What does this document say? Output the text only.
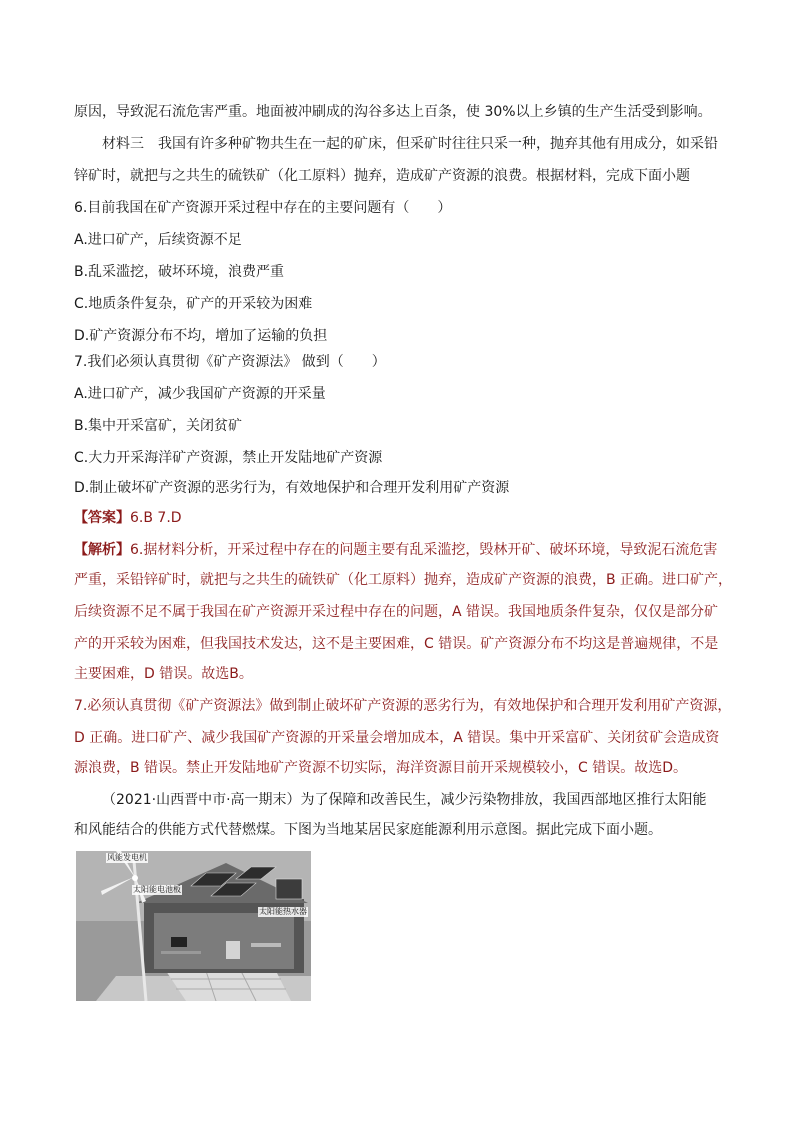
原因，导致泥石流危害严重。地面被冲刷成的沟谷多达上百条，使 30%以上乡镇的生产生活受到影响。
材料三　我国有许多种矿物共生在一起的矿床，但采矿时往往只采一种，抛弃其他有用成分，如采铅
锌矿时，就把与之共生的硫铁矿（化工原料）抛弃，造成矿产资源的浪费。根据材料，完成下面小题
6.目前我国在矿产资源开采过程中存在的主要问题有（　　）
A.进口矿产，后续资源不足
B.乱采滥挖，破坏环境，浪费严重
C.地质条件复杂，矿产的开采较为困难
D.矿产资源分布不均，增加了运输的负担
7.我们必须认真贯彻《矿产资源法》 做到（　　）
A.进口矿产，减少我国矿产资源的开采量
B.集中开采富矿，关闭贫矿
C.大力开采海洋矿产资源，禁止开发陆地矿产资源
D.制止破坏矿产资源的恶劣行为，有效地保护和合理开发利用矿产资源
【答案】6.B 7.D
【解析】6.据材料分析，开采过程中存在的问题主要有乱采滥挖，毁林开矿、破坏环境，导致泥石流危害
严重，采铅锌矿时，就把与之共生的硫铁矿（化工原料）抛弃，造成矿产资源的浪费，B 正确。进口矿产，
后续资源不足不属于我国在矿产资源开采过程中存在的问题，A 错误。我国地质条件复杂，仅仅是部分矿
产的开采较为困难，但我国技术发达，这不是主要困难，C 错误。矿产资源分布不均这是普遍规律，不是
主要困难，D 错误。故选B。
7.必须认真贯彻《矿产资源法》做到制止破坏矿产资源的恶劣行为，有效地保护和合理开发利用矿产资源，
D 正确。进口矿产、减少我国矿产资源的开采量会增加成本，A 错误。集中开采富矿、关闭贫矿会造成资
源浪费，B 错误。禁止开发陆地矿产资源不切实际，海洋资源目前开采规模较小，C 错误。故选D。
（2021·山西晋中市·高一期末）为了保障和改善民生，减少污染物排放，我国西部地区推行太阳能
和风能结合的供能方式代替燃煤。下图为当地某居民家庭能源利用示意图。据此完成下面小题。
风能发电机
太阳能电池板
太阳能热水器
